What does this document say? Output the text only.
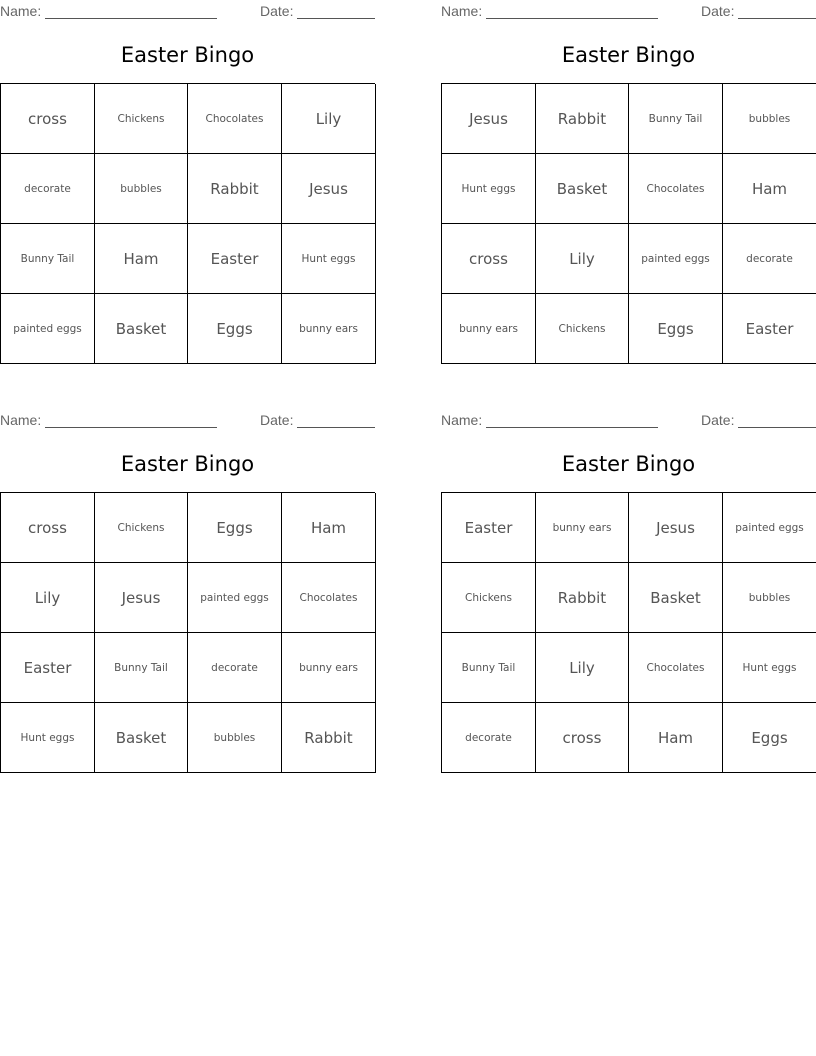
Name:	Date:
Easter Bingo
cross	Chickens	Chocolates	Lily
decorate	bubbles	Rabbit	Jesus
Bunny Tail	Ham	Easter	Hunt eggs
painted eggs	Basket	Eggs	bunny ears
Name:	Date:
Easter Bingo
Jesus	Rabbit	Bunny Tail	bubbles
Hunt eggs	Basket	Chocolates	Ham
cross	Lily	painted eggs	decorate
bunny ears	Chickens	Eggs	Easter
Name:	Date:
Easter Bingo
cross	Chickens	Eggs	Ham
Lily	Jesus	painted eggs	Chocolates
Easter	Bunny Tail	decorate	bunny ears
Hunt eggs	Basket	bubbles	Rabbit
Name:	Date:
Easter Bingo
Easter	bunny ears	Jesus	painted eggs
Chickens	Rabbit	Basket	bubbles
Bunny Tail	Lily	Chocolates	Hunt eggs
decorate	cross	Ham	Eggs
